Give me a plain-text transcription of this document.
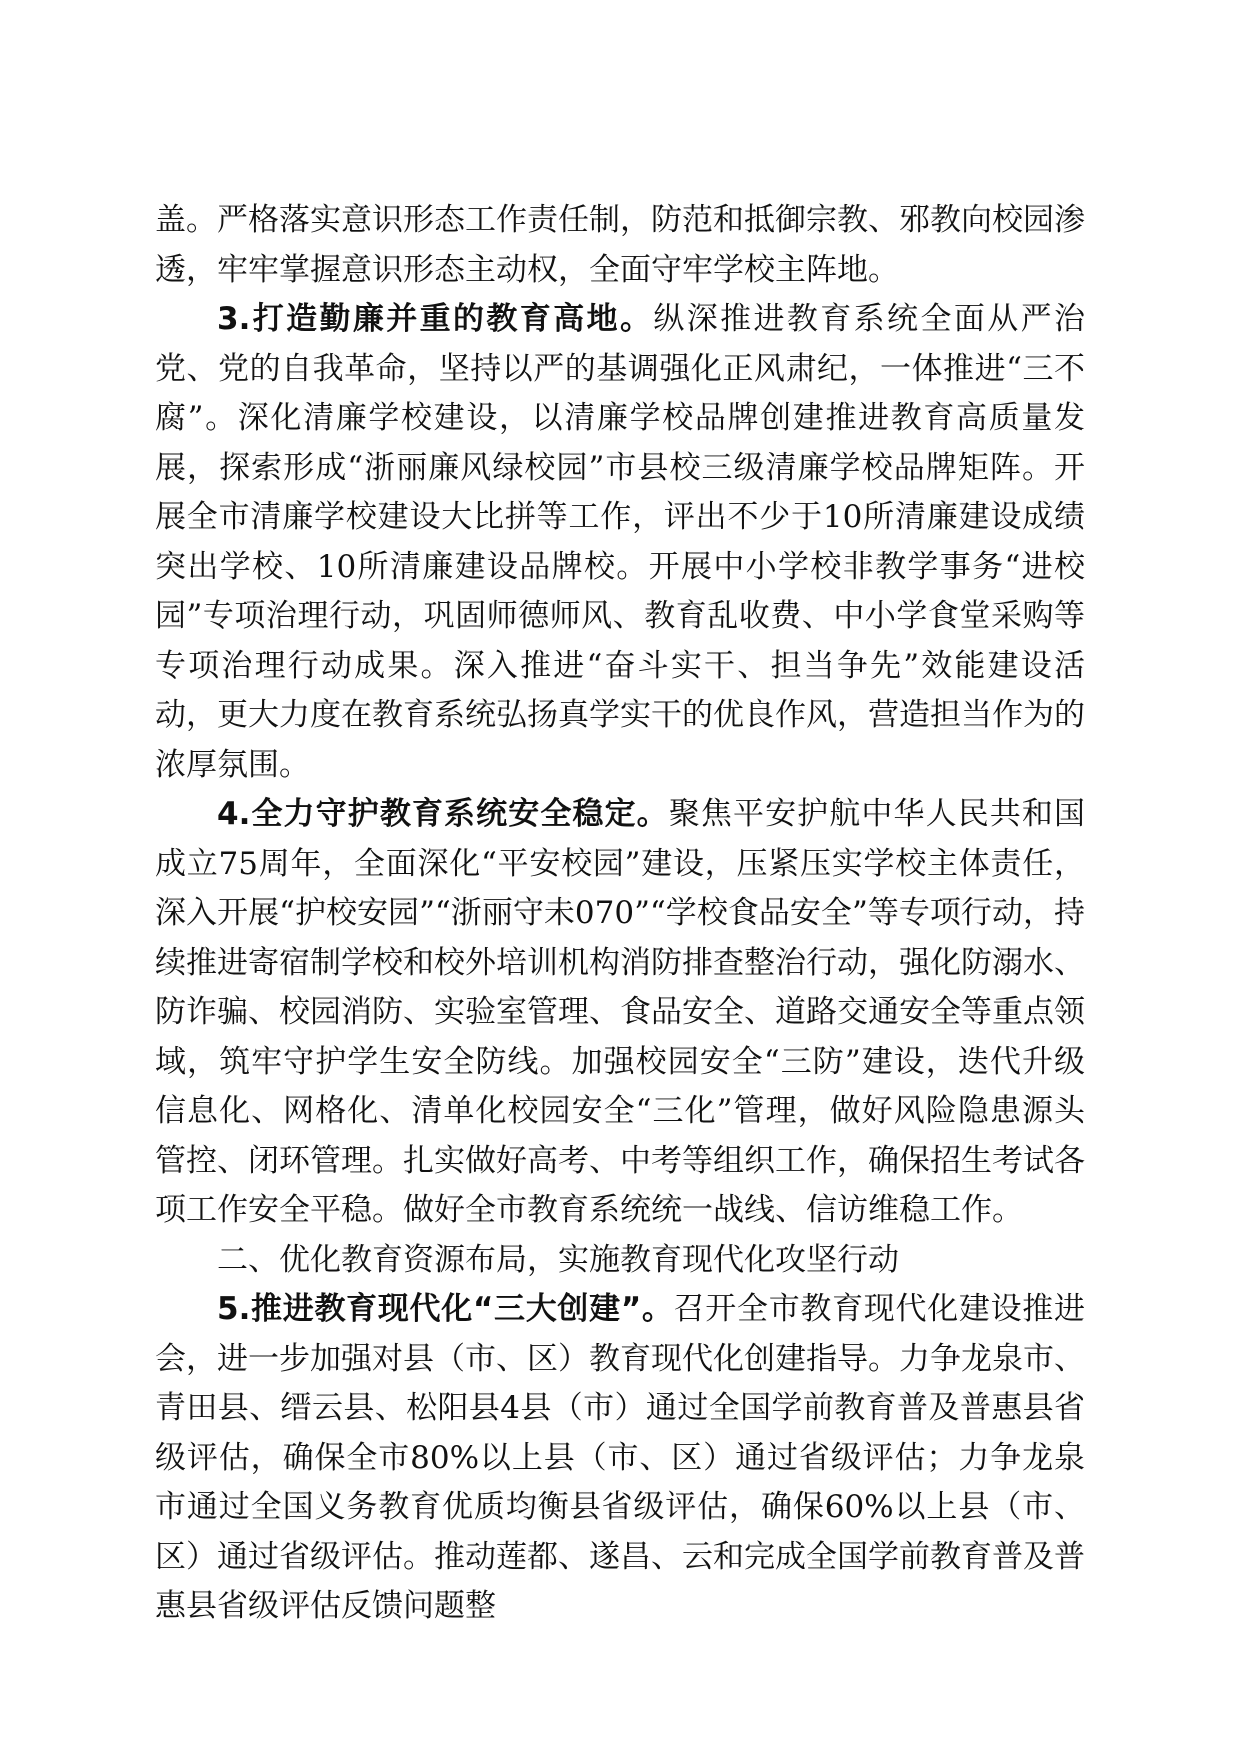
盖。严格落实意识形态工作责任制，防范和抵御宗教、邪教向校园渗透，牢牢掌握意识形态主动权，全面守牢学校主阵地。

3.打造勤廉并重的教育高地。纵深推进教育系统全面从严治党、党的自我革命，坚持以严的基调强化正风肃纪，一体推进“三不腐”。深化清廉学校建设，以清廉学校品牌创建推进教育高质量发展，探索形成“浙丽廉风绿校园”市县校三级清廉学校品牌矩阵。开展全市清廉学校建设大比拼等工作，评出不少于10所清廉建设成绩突出学校、10所清廉建设品牌校。开展中小学校非教学事务“进校园”专项治理行动，巩固师德师风、教育乱收费、中小学食堂采购等专项治理行动成果。深入推进“奋斗实干、担当争先”效能建设活动，更大力度在教育系统弘扬真学实干的优良作风，营造担当作为的浓厚氛围。

4.全力守护教育系统安全稳定。聚焦平安护航中华人民共和国成立75周年，全面深化“平安校园”建设，压紧压实学校主体责任，深入开展“护校安园”“浙丽守未070”“学校食品安全”等专项行动，持续推进寄宿制学校和校外培训机构消防排查整治行动，强化防溺水、防诈骗、校园消防、实验室管理、食品安全、道路交通安全等重点领域，筑牢守护学生安全防线。加强校园安全“三防”建设，迭代升级信息化、网格化、清单化校园安全“三化”管理，做好风险隐患源头管控、闭环管理。扎实做好高考、中考等组织工作，确保招生考试各项工作安全平稳。做好全市教育系统统一战线、信访维稳工作。

二、优化教育资源布局，实施教育现代化攻坚行动

5.推进教育现代化“三大创建”。召开全市教育现代化建设推进会，进一步加强对县（市、区）教育现代化创建指导。力争龙泉市、青田县、缙云县、松阳县4县（市）通过全国学前教育普及普惠县省级评估，确保全市80%以上县（市、区）通过省级评估；力争龙泉市通过全国义务教育优质均衡县省级评估，确保60%以上县（市、区）通过省级评估。推动莲都、遂昌、云和完成全国学前教育普及普惠县省级评估反馈问题整
